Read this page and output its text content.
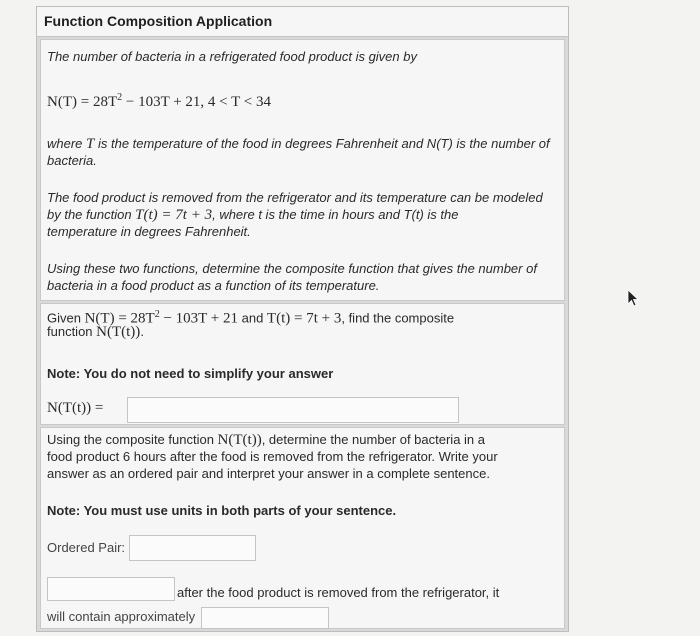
Function Composition Application
The number of bacteria in a refrigerated food product is given by
$N(T) = 28T^2 - 103T + 21$, 4 < T < 34
where T is the temperature of the food in degrees Fahrenheit and N(T) is the number of
bacteria.
The food product is removed from the refrigerator and its temperature can be modeled
by the function T(t) = 7t + 3, where t is the time in hours and T(t) is the
temperature in degrees Fahrenheit.
Using these two functions, determine the composite function that gives the number of
bacteria in a food product as a function of its temperature.
Given $N(T) = 28T^2 - 103T + 21$ and T(t) = 7t + 3, find the composite
function N(T(t)).
Note: You do not need to simplify your answer
N(T(t)) =
Using the composite function N(T(t)), determine the number of bacteria in a
food product 6 hours after the food is removed from the refrigerator. Write your
answer as an ordered pair and interpret your answer in a complete sentence.
Note: You must use units in both parts of your sentence.
Ordered Pair:
after the food product is removed from the refrigerator, it
will contain approximately
